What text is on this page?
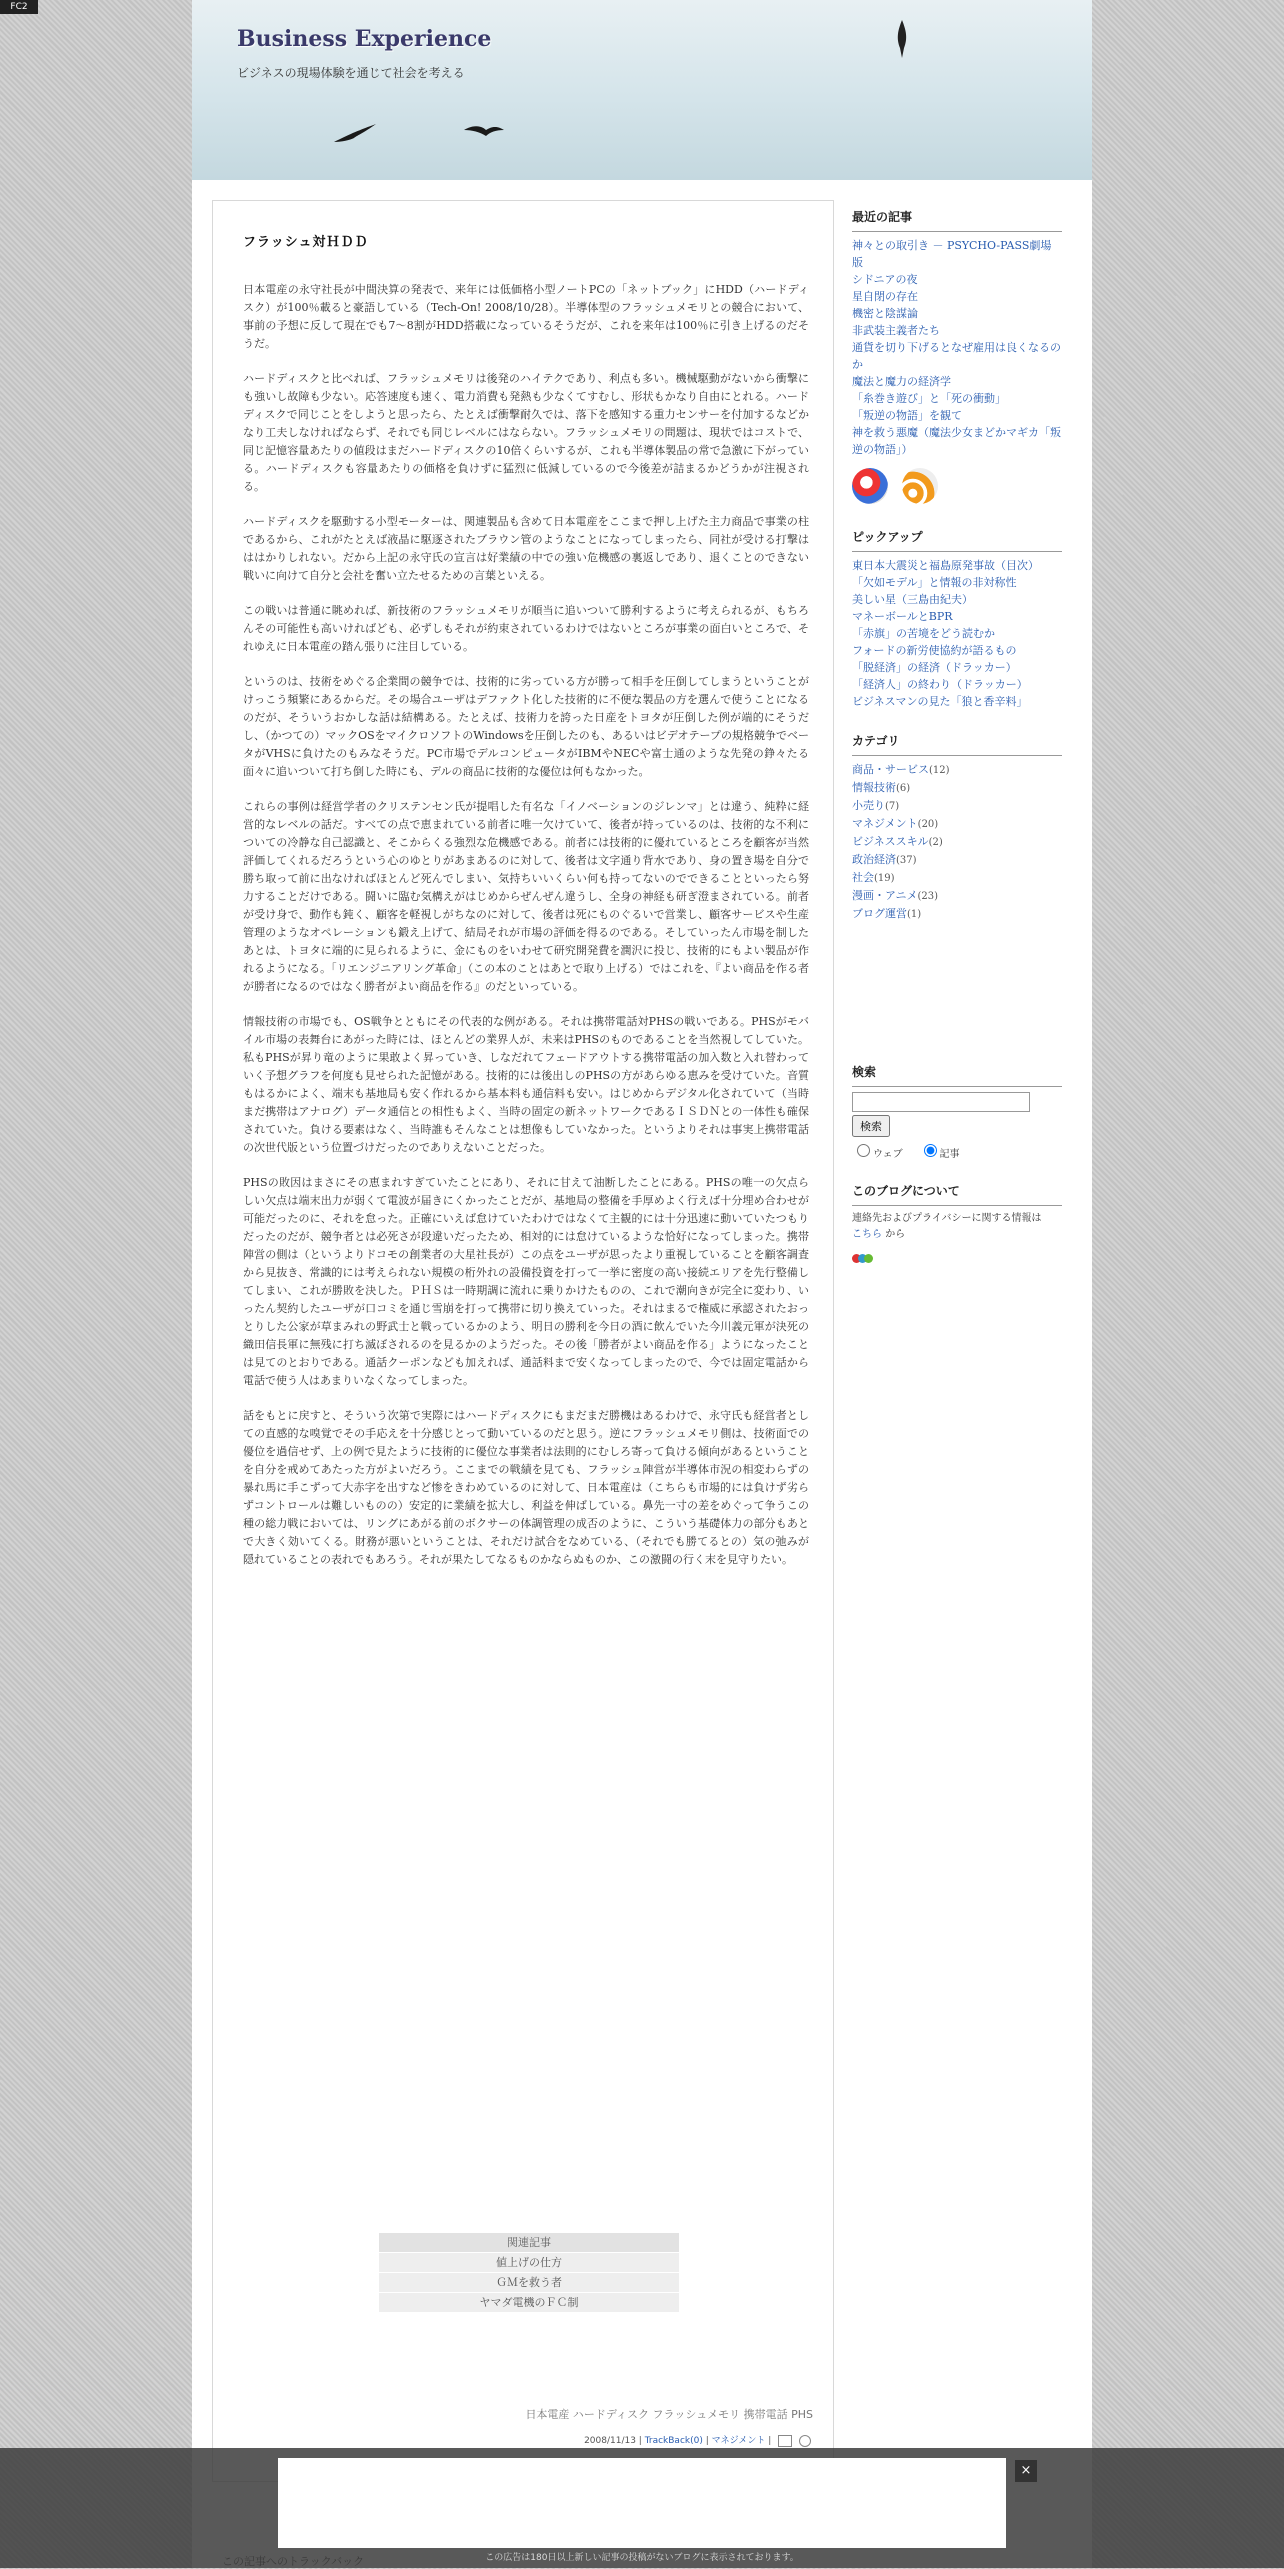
FC2
Business Experience
ビジネスの現場体験を通じて社会を考える
フラッシュ対ＨＤＤ

日本電産の永守社長が中間決算の発表で、来年には低価格小型ノートPCの「ネットブック」にHDD（ハードディスク）が100％載ると豪語している（Tech-On! 2008/10/28）。半導体型のフラッシュメモリとの競合において、事前の予想に反して現在でも7～8割がHDD搭載になっているそうだが、これを来年は100％に引き上げるのだそうだ。

ハードディスクと比べれば、フラッシュメモリは後発のハイテクであり、利点も多い。機械駆動がないから衝撃にも強いし故障も少ない。応答速度も速く、電力消費も発熱も少なくてすむし、形状もかなり自由にとれる。ハードディスクで同じことをしようと思ったら、たとえば衝撃耐久では、落下を感知する重力センサーを付加するなどかなり工夫しなければならず、それでも同じレベルにはならない。フラッシュメモリの問題は、現状ではコストで、同じ記憶容量あたりの値段はまだハードディスクの10倍くらいするが、これも半導体製品の常で急激に下がっている。ハードディスクも容量あたりの価格を負けずに猛烈に低減しているので今後差が詰まるかどうかが注視される。

ハードディスクを駆動する小型モーターは、関連製品も含めて日本電産をここまで押し上げた主力商品で事業の柱であるから、これがたとえば液晶に駆逐されたブラウン管のようなことになってしまったら、同社が受ける打撃はははかりしれない。だから上記の永守氏の宣言は好業績の中での強い危機感の裏返しであり、退くことのできない戦いに向けて自分と会社を奮い立たせるための言葉といえる。

この戦いは普通に眺めれば、新技術のフラッシュメモリが順当に追いついて勝利するように考えられるが、もちろんその可能性も高いければども、必ずしもそれが約束されているわけではないところが事業の面白いところで、それゆえに日本電産の踏ん張りに注目している。

というのは、技術をめぐる企業間の競争では、技術的に劣っている方が勝って相手を圧倒してしまうということがけっこう頻繁にあるからだ。その場合ユーザはデファクト化した技術的に不便な製品の方を選んで使うことになるのだが、そういうおかしな話は結構ある。たとえば、技術力を誇った日産をトヨタが圧倒した例が端的にそうだし、（かつての）マックOSをマイクロソフトのWindowsを圧倒したのも、あるいはビデオテープの規格競争でベータがVHSに負けたのもみなそうだ。PC市場でデルコンピュータがIBMやNECや富士通のような先発の錚々たる面々に追いついて打ち倒した時にも、デルの商品に技術的な優位は何もなかった。

これらの事例は経営学者のクリステンセン氏が提唱した有名な「イノベーションのジレンマ」とは違う、純粋に経営的なレベルの話だ。すべての点で恵まれている前者に唯一欠けていて、後者が持っているのは、技術的な不利についての冷静な自己認識と、そこからくる強烈な危機感である。前者には技術的に優れているところを顧客が当然評価してくれるだろうという心のゆとりがあまあるのに対して、後者は文字通り背水であり、身の置き場を自分で勝ち取って前に出なければほとんど死んでしまい、気持ちいいくらい何も持ってないのでできることといったら努力することだけである。闘いに臨む気構えがはじめからぜんぜん違うし、全身の神経も研ぎ澄まされている。前者が受け身で、動作も鈍く、顧客を軽視しがちなのに対して、後者は死にものぐるいで営業し、顧客サービスや生産管理のようなオペレーションも鍛え上げて、結局それが市場の評価を得るのである。そしていったん市場を制したあとは、トヨタに端的に見られるように、金にものをいわせて研究開発費を潤沢に投じ、技術的にもよい製品が作れるようになる。「リエンジニアリング革命」（この本のことはあとで取り上げる）ではこれを、『よい商品を作る者が勝者になるのではなく勝者がよい商品を作る』のだといっている。

情報技術の市場でも、OS戦争とともにその代表的な例がある。それは携帯電話対PHSの戦いである。PHSがモバイル市場の表舞台にあがった時には、ほとんどの業界人が、未来はPHSのものであることを当然視してしていた。私もPHSが昇り竜のように果敢よく昇っていき、しなだれてフェードアウトする携帯電話の加入数と入れ替わっていく予想グラフを何度も見せられた記憶がある。技術的には後出しのPHSの方があらゆる恵みを受けていた。音質もはるかによく、端末も基地局も安く作れるから基本料も通信料も安い。はじめからデジタル化されていて（当時まだ携帯はアナログ）データ通信との相性もよく、当時の固定の新ネットワークであるＩＳＤＮとの一体性も確保されていた。負ける要素はなく、当時誰もそんなことは想像もしていなかった。というよりそれは事実上携帯電話の次世代版という位置づけだったのでありえないことだった。

PHSの敗因はまさにその恵まれすぎていたことにあり、それに甘えて油断したことにある。PHSの唯一の欠点らしい欠点は端末出力が弱くて電波が届きにくかったことだが、基地局の整備を手厚めよく行えば十分埋め合わせが可能だったのに、それを怠った。正確にいえば怠けていたわけではなくて主観的には十分迅速に動いていたつもりだったのだが、競争者とは必死さが段違いだったため、相対的には怠けているような恰好になってしまった。携帯陣営の側は（というよりドコモの創業者の大星社長が）この点をユーザが思ったより重視していることを顧客調査から見抜き、常識的には考えられない規模の桁外れの設備投資を打って一挙に密度の高い接続エリアを先行整備してしまい、これが勝敗を決した。ＰＨＳは一時期調に流れに乗りかけたものの、これで潮向きが完全に変わり、いったん契約したユーザが口コミを通じ雪崩を打って携帯に切り換えていった。それはまるで権威に承認されたおっとりした公家が草まみれの野武士と戦っているかのよう、明日の勝利を今日の酒に飲んでいた今川義元軍が決死の織田信長軍に無残に打ち滅ぼされるのを見るかのようだった。その後「勝者がよい商品を作る」ようになったことは見てのとおりである。通話クーポンなども加えれば、通話料まで安くなってしまったので、今では固定電話から電話で使う人はあまりいなくなってしまった。

話をもとに戻すと、そういう次第で実際にはハードディスクにもまだまだ勝機はあるわけで、永守氏も経営者としての直感的な嗅覚でその手応えを十分感じとって動いているのだと思う。逆にフラッシュメモリ側は、技術面での優位を過信せず、上の例で見たように技術的に優位な事業者は法則的にむしろ寄って負ける傾向があるということを自分を戒めてあたった方がよいだろう。ここまでの戦績を見ても、フラッシュ陣営が半導体市況の相変わらずの暴れ馬に手こずって大赤字を出すなど惨をきわめているのに対して、日本電産は（こちらも市場的には負けず劣らずコントロールは難しいものの）安定的に業績を拡大し、利益を伸ばしている。鼻先一寸の差をめぐって争うこの種の総力戦においては、リングにあがる前のボクサーの体調管理の成否のように、こういう基礎体力の部分もあとで大きく効いてくる。財務が悪いということは、それだけ試合をなめている、（それでも勝てるとの）気の弛みが隠れていることの表れでもあろう。それが果たしてなるものかならぬものか、この激闘の行く末を見守りたい。

関連記事
値上げの仕方
ＧＭを救う者
ヤマダ電機のＦＣ制
日本電産 ハードディスク フラッシュメモリ 携帯電話 PHS
2008/11/13 | TrackBack(0) | マネジメント |
最近の記事
神々との取引き － PSYCHO-PASS劇場版
シドニアの夜
星自閉の存在
機密と陰謀論
非武装主義者たち
通貨を切り下げるとなぜ雇用は良くなるのか
魔法と魔力の経済学
「糸巻き遊び」と「死の衝動」
「叛逆の物語」を観て
神を救う悪魔（魔法少女まどかマギカ「叛逆の物語」）

ピックアップ
東日本大震災と福島原発事故（目次）
「欠如モデル」と情報の非対称性
美しい星（三島由紀夫）
マネーボールとBPR
「赤旗」の苦境をどう読むか
フォードの新労使協約が語るもの
「脱経済」の経済（ドラッカー）
「経済人」の終わり（ドラッカー）
ビジネスマンの見た「狼と香辛料」
カテゴリ
商品・サービス(12)
情報技術(6)
小売り(7)
マネジメント(20)
ビジネススキル(2)
政治経済(37)
社会(19)
漫画・アニメ(23)
ブログ運営(1)
検索

検索
ウェブ	記事
このブログについて
連絡先およびプライバシーに関する情報は
こちら から
×
この広告は180日以上新しい記事の投稿がないブログに表示されております。
